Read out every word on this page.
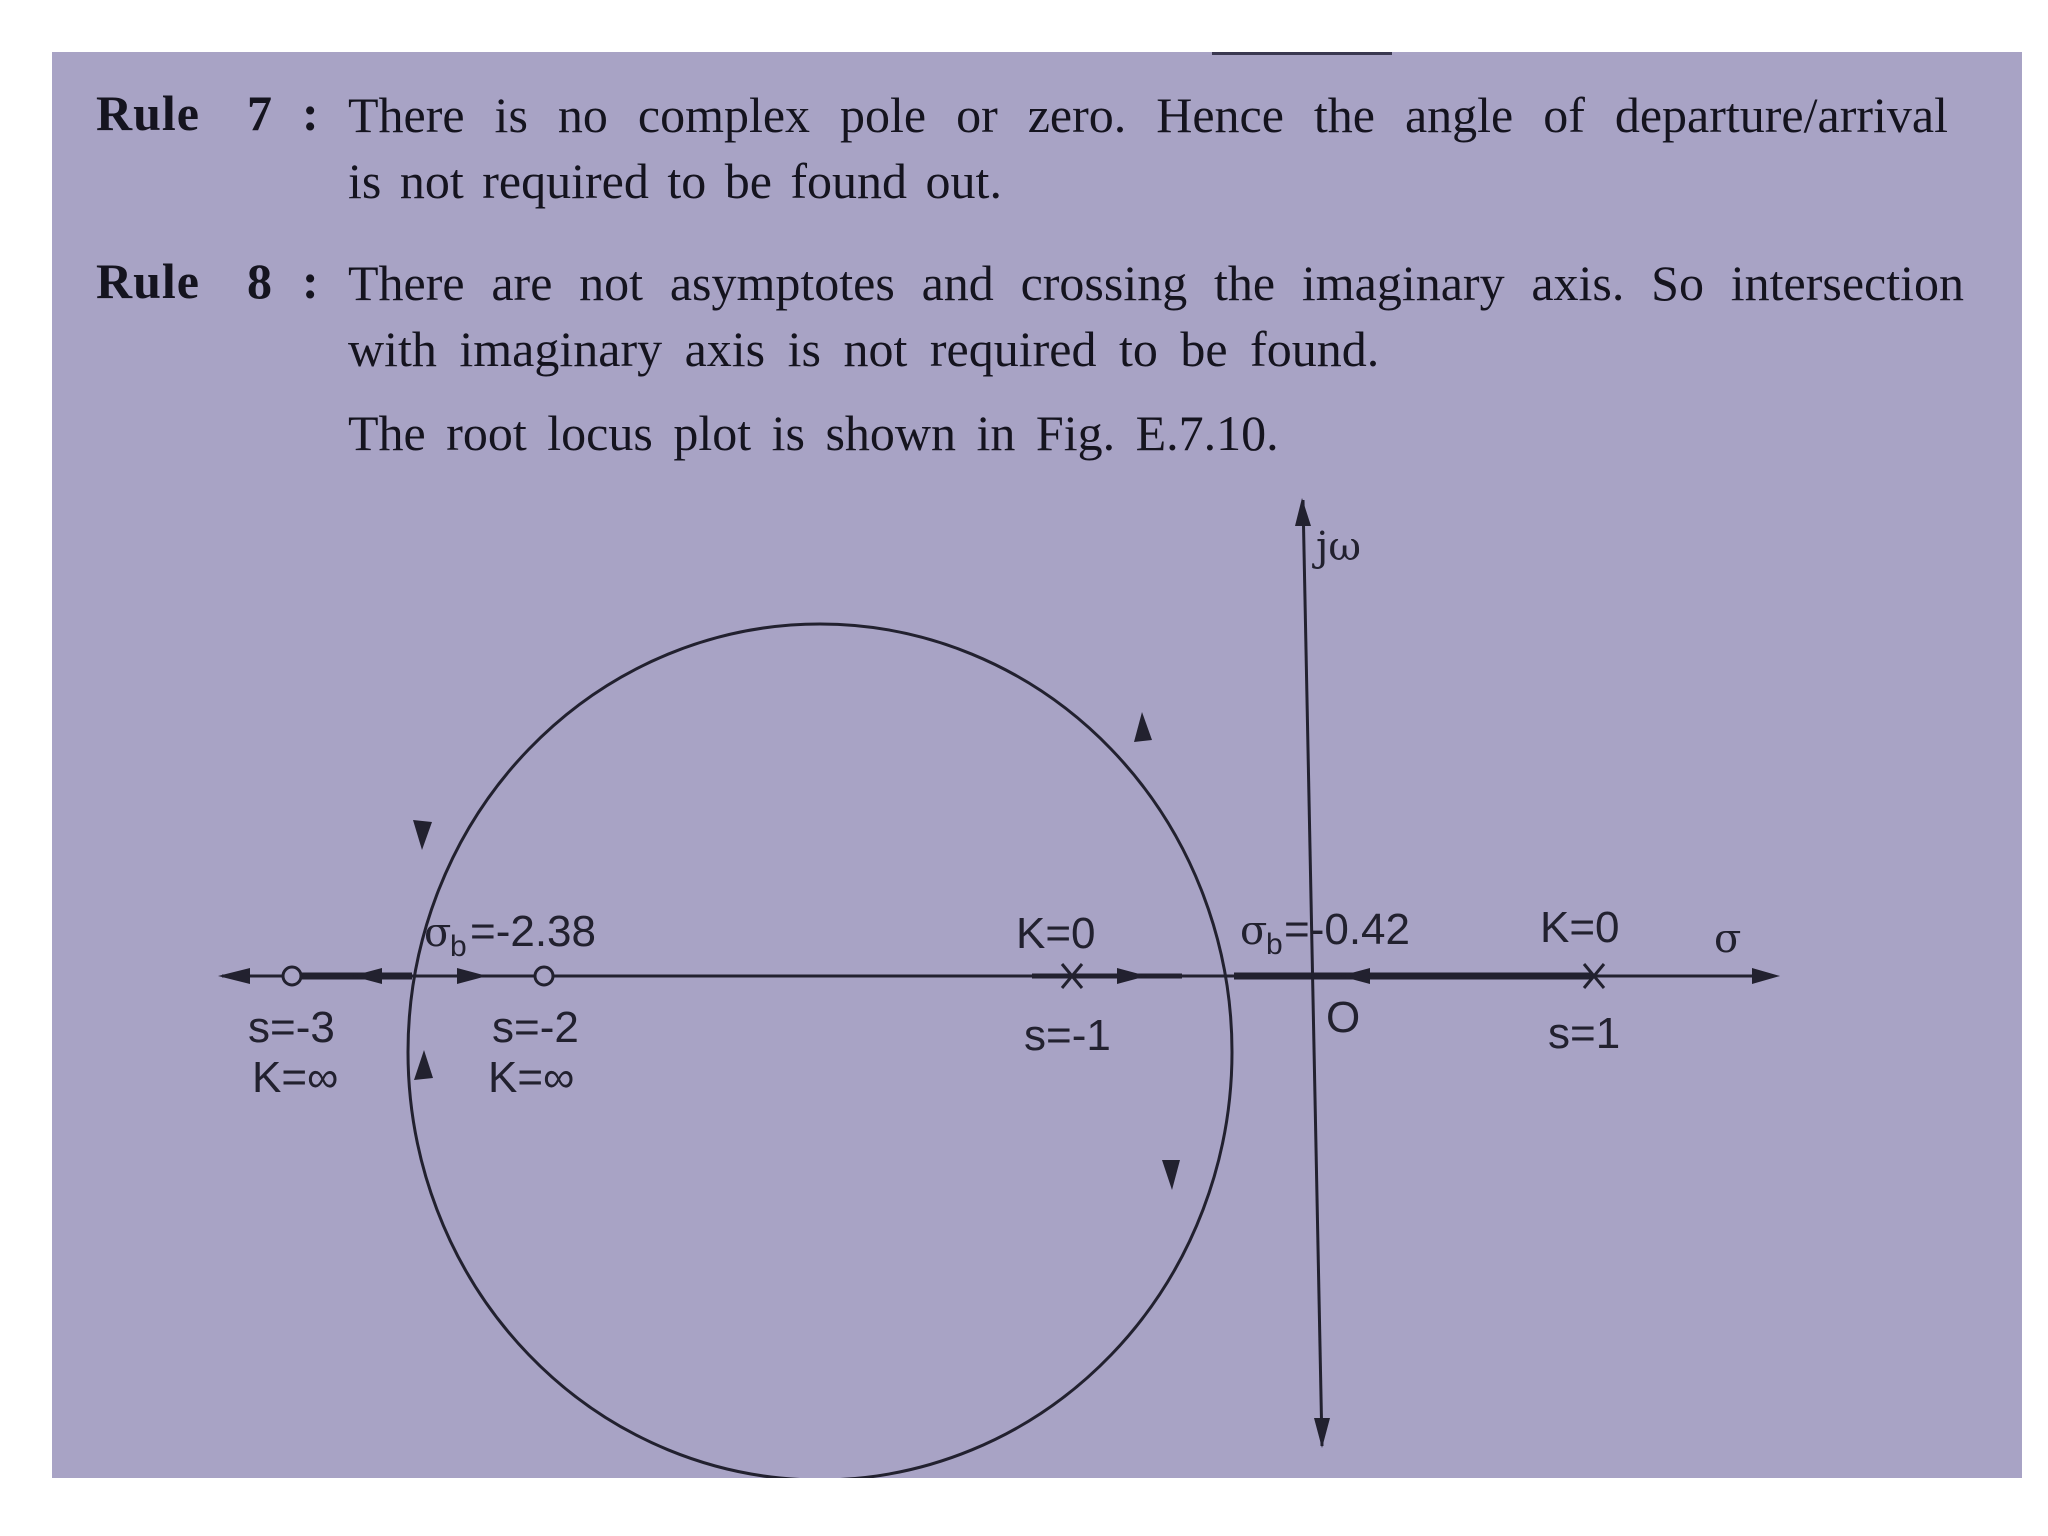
Rule  7 : There is no complex pole or zero. Hence the angle of departure/arrival
is not required to be found out.
Rule  8 : There are not asymptotes and crossing the imaginary axis. So intersection
with imaginary axis is not required to be found.
The root locus plot is shown in Fig. E.7.10.
jω
σ
O
σ
b =-2.38	σ
b =-0.42
K=0
s=-1
K=0
s=1
s=-3
K=∞
s=-2
K=∞
